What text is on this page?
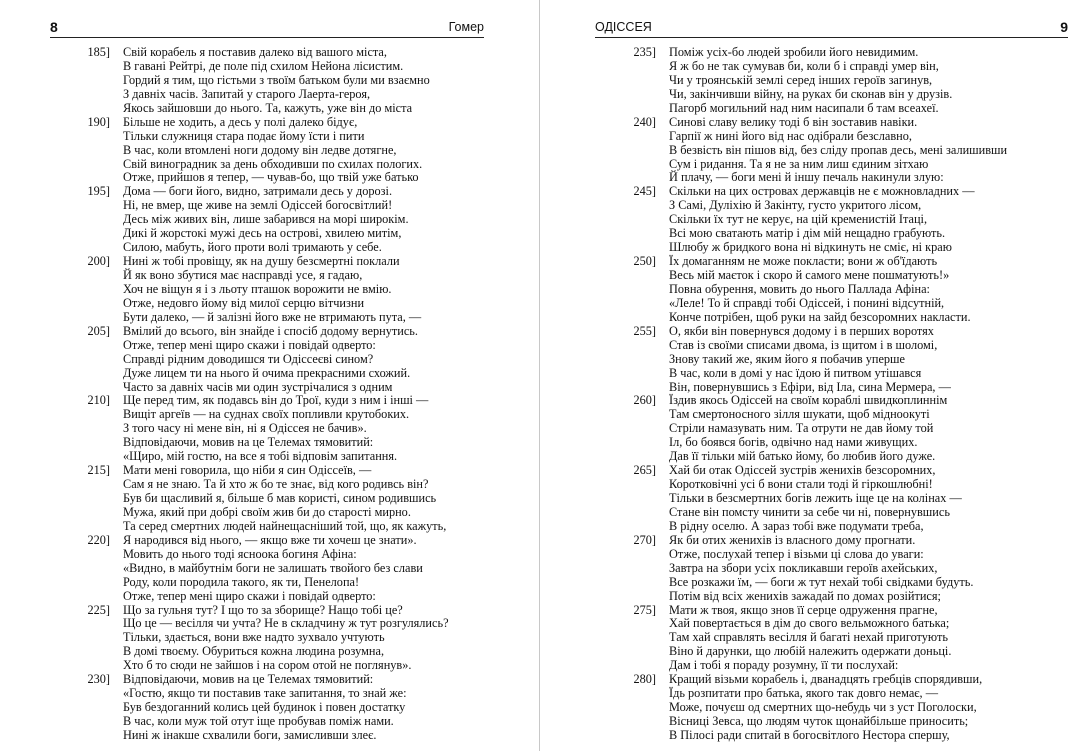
8	Гомер
185] Свій корабель я поставив далеко від вашого міста,
В гавані Рейтрі, де поле під схилом Нейона лісистим.
Гордий я тим, що гістьми з твоїм батьком були ми взаємно
З давніх часів. Запитай у старого Лаерта-героя,
Якось зайшовши до нього. Та, кажуть, уже він до міста
190] Більше не ходить, а десь у полі далеко бідує,
Тільки служниця стара подає йому їсти і пити
В час, коли втомлені ноги додому він ледве дотягне,
Свій виноградник за день обходивши по схилах пологих.
Отже, прийшов я тепер, — чував-бо, що твій уже батько
195] Дома — боги його, видно, затримали десь у дорозі.
Ні, не вмер, ще живе на землі Одіссей богосвітлий!
Десь між живих він, лише забарився на морі широкім.
Дикі й жорстокі мужі десь на острові, хвилею митім,
Силою, мабуть, його проти волі тримають у себе.
200] Нині ж тобі провіщу, як на душу безсмертні поклали
Й як воно збутися має насправді усе, я гадаю,
Хоч не віщун я і з льоту пташок ворожити не вмію.
Отже, недовго йому від милої серцю вітчизни
Бути далеко, — й залізні його вже не втримають пута, —
205] Вмілий до всього, він знайде і спосіб додому вернутись.
Отже, тепер мені щиро скажи і повідай одверто:
Справді рідним доводишся ти Одіссеєві сином?
Дуже лицем ти на нього й очима прекрасними схожий.
Часто за давніх часів ми один зустрічалися з одним
210] Ще перед тим, як подавсь він до Трої, куди з ним і інші —
Вищіт аргеїв — на суднах своїх попливли крутобоких.
З того часу ні мене він, ні я Одіссея не бачив».
Відповідаючи, мовив на це Телемах тямовитий:
«Щиро, мій гостю, на все я тобі відповім запитання.
215] Мати мені говорила, що ніби я син Одіссеїв, —
Сам я не знаю. Та й хто ж бо те знає, від кого родивсь він?
Був би щасливий я, більше б мав користі, сином родившись
Мужа, який при добрі своїм жив би до старості мирно.
Та серед смертних людей найнещасніший той, що, як кажуть,
220] Я народився від нього, — якщо вже ти хочеш це знати».
Мовить до нього тоді ясноока богиня Афіна:
«Видно, в майбутнім боги не залишать твойого без слави
Роду, коли породила такого, як ти, Пенелопа!
Отже, тепер мені щиро скажи і повідай одверто:
225] Що за гульня тут? І що то за зборище? Нащо тобі це?
Що це — весілля чи учта? Не в складчину ж тут розгулялись?
Тільки, здається, вони вже надто зухвало учтують
В домі твоєму. Обуриться кожна людина розумна,
Хто б то сюди не зайшов і на сором отой не поглянув».
230] Відповідаючи, мовив на це Телемах тямовитий:
«Гостю, якщо ти поставив таке запитання, то знай же:
Був бездоганний колись цей будинок і повен достатку
В час, коли муж той отут іще пробував поміж нами.
Нині ж інакше схвалили боги, замисливши злеє.
ОДІССЕЯ	9
235] Поміж усіх-бо людей зробили його невидимим.
Я ж бо не так сумував би, коли б і справді умер він,
Чи у троянській землі серед інших героїв загинув,
Чи, закінчивши війну, на руках би сконав він у друзів.
Пагорб могильний над ним насипали б там всеахеї.
240] Синові славу велику тоді б він зоставив навіки.
Гарпії ж нині його від нас одібрали безславно,
В безвість він пішов від, без сліду пропав десь, мені залишивши
Сум і ридання. Та я не за ним лиш єдиним зітхаю
Й плачу, — боги мені й іншу печаль накинули злую:
245] Скільки на цих островах державців не є можновладних —
З Самі, Дуліхію й Закінту, густо укритого лісом,
Скільки їх тут не керує, на цій кременистій Ітаці,
Всі мою сватають матір і дім мій нещадно грабують.
Шлюбу ж бридкого вона ні відкинуть не сміє, ні краю
250] Їх домаганням не може покласти; вони ж об'їдають
Весь мій маєток і скоро й самого мене пошматують!»
Повна обурення, мовить до нього Паллада Афіна:
«Леле! То й справді тобі Одіссей, і понині відсутній,
Конче потрібен, щоб руки на зайд безсоромних накласти.
255] О, якби він повернувся додому і в перших воротях
Став із своїми списами двома, із щитом і в шоломі,
Знову такий же, яким його я побачив уперше
В час, коли в домі у нас їдою й питвом утішався
Він, повернувшись з Ефіри, від Іла, сина Мермера, —
260] Їздив якось Одіссей на своїм кораблі швидкоплиннім
Там смертоносного зілля шукати, щоб мідноокуті
Стріли намазувать ним. Та отрути не дав йому той
Іл, бо боявся богів, одвічно над нами живущих.
Дав її тільки мій батько йому, бо любив його дуже.
265] Хай би отак Одіссей зустрів женихів безсоромних,
Коротковічні усі б вони стали тоді й гіркошлюбні!
Тільки в безсмертних богів лежить іще це на колінах —
Стане він помсту чинити за себе чи ні, повернувшись
В рідну оселю. А зараз тобі вже подумати треба,
270] Як би отих женихів із власного дому прогнати.
Отже, послухай тепер і візьми ці слова до уваги:
Завтра на збори усіх покликавши героїв ахейських,
Все розкажи їм, — боги ж тут нехай тобі свідками будуть.
Потім від всіх женихів зажадай по домах розійтися;
275] Мати ж твоя, якщо знов її серце одруження прагне,
Хай повертається в дім до свого вельможного батька;
Там хай справлять весілля й багаті нехай приготують
Віно й дарунки, що любій належить одержати доньці.
Дам і тобі я пораду розумну, її ти послухай:
280] Кращий візьми корабель і, дванадцять гребців спорядивши,
Їдь розпитати про батька, якого так довго немає, —
Може, почуєш од смертних що-небудь чи з уст Поголоски,
Вісниці Зевса, що людям чуток щонайбільше приносить;
В Пілосі ради спитай в богосвітлого Нестора спершу,
